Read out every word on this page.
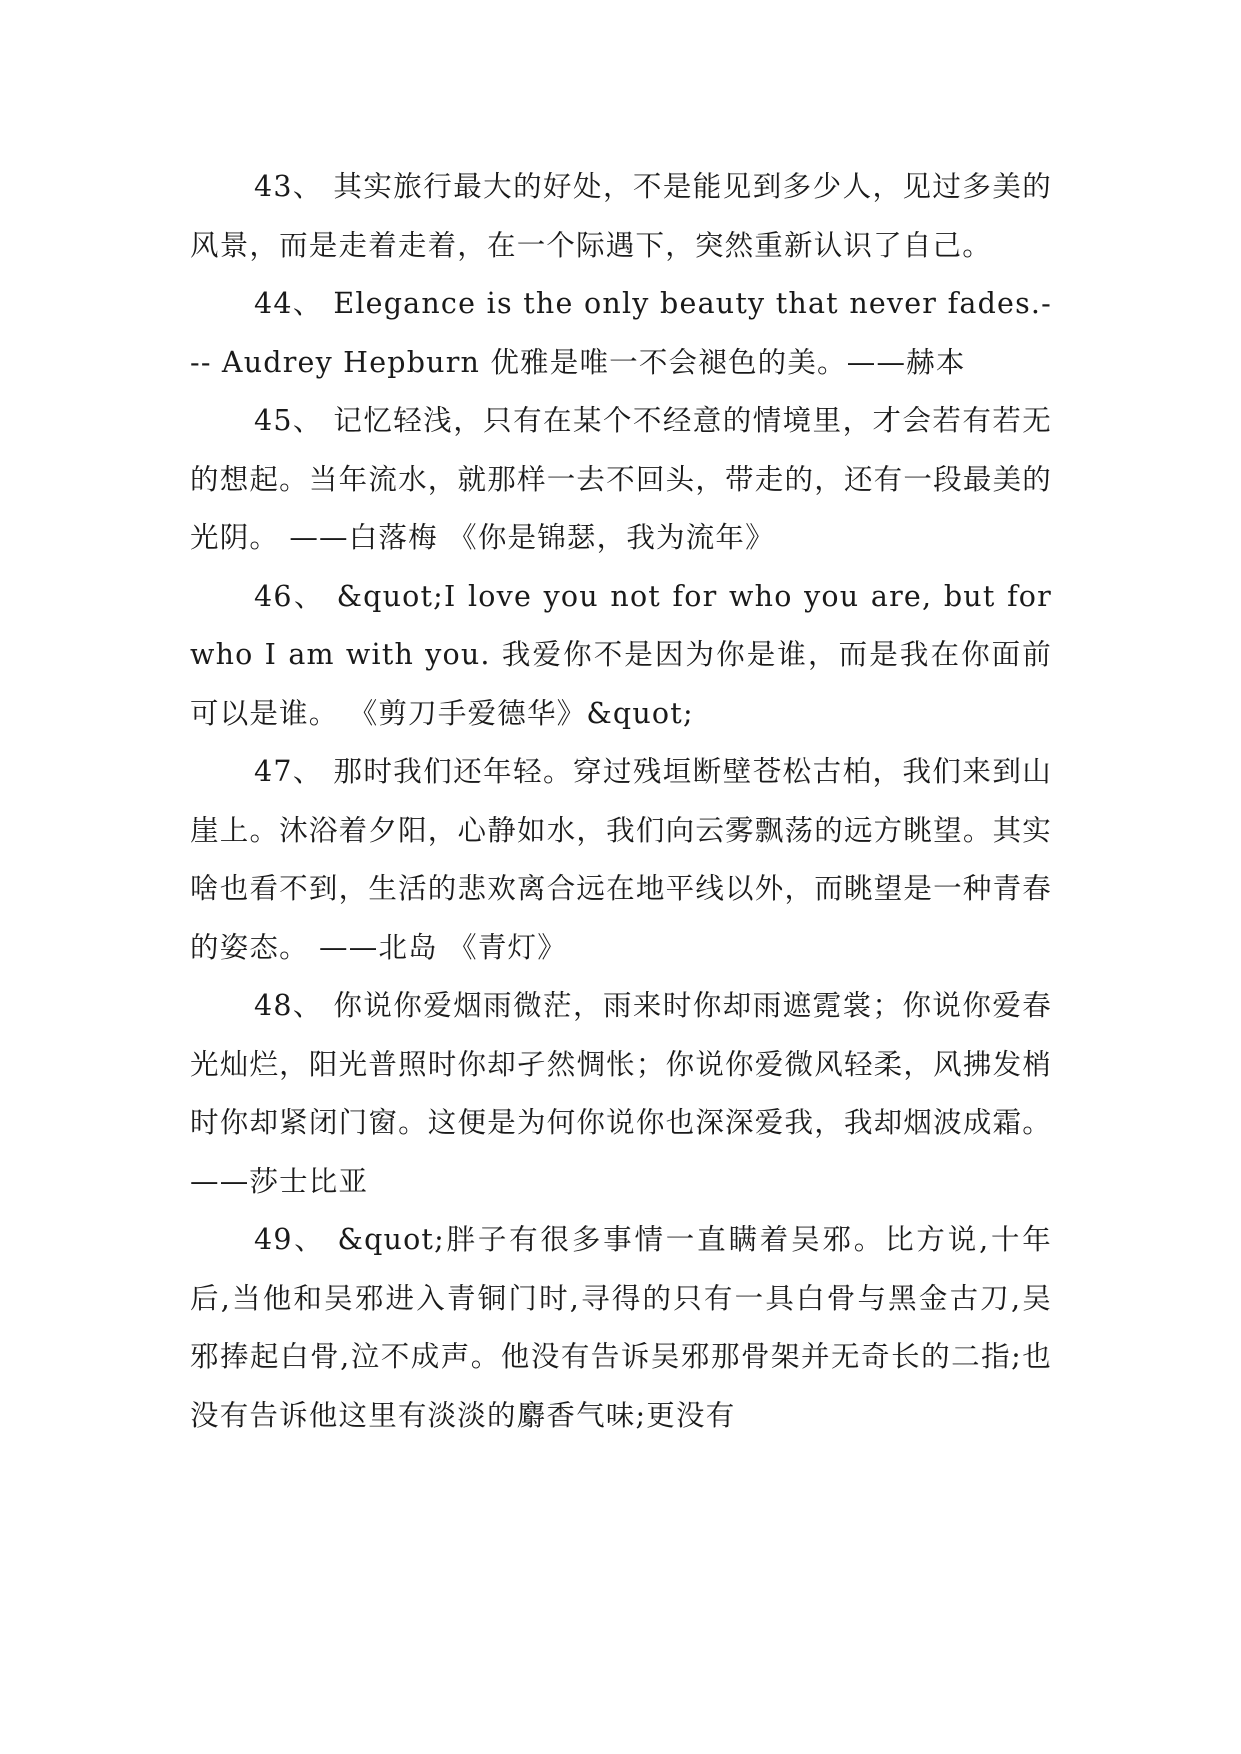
43、 其实旅行最大的好处，不是能见到多少人，见过多美的风景，而是走着走着，在一个际遇下，突然重新认识了自己。

44、 Elegance is the only beauty that never fades.--- Audrey Hepburn 优雅是唯一不会褪色的美。——赫本

45、 记忆轻浅，只有在某个不经意的情境里，才会若有若无的想起。当年流水，就那样一去不回头，带走的，还有一段最美的光阴。 ——白落梅 《你是锦瑟，我为流年》

46、 &quot;I love you not for who you are, but for who I am with you. 我爱你不是因为你是谁，而是我在你面前可以是谁。 《剪刀手爱德华》&quot;

47、 那时我们还年轻。穿过残垣断壁苍松古柏，我们来到山崖上。沐浴着夕阳，心静如水，我们向云雾飘荡的远方眺望。其实啥也看不到，生活的悲欢离合远在地平线以外，而眺望是一种青春的姿态。 ——北岛 《青灯》

48、 你说你爱烟雨微茫，雨来时你却雨遮霓裳；你说你爱春光灿烂，阳光普照时你却孑然惆怅；你说你爱微风轻柔，风拂发梢时你却紧闭门窗。这便是为何你说你也深深爱我，我却烟波成霜。 ——莎士比亚

49、 &quot;胖子有很多事情一直瞒着吴邪。比方说,十年后,当他和吴邪进入青铜门时,寻得的只有一具白骨与黑金古刀,吴邪捧起白骨,泣不成声。他没有告诉吴邪那骨架并无奇长的二指;也没有告诉他这里有淡淡的麝香气味;更没有
